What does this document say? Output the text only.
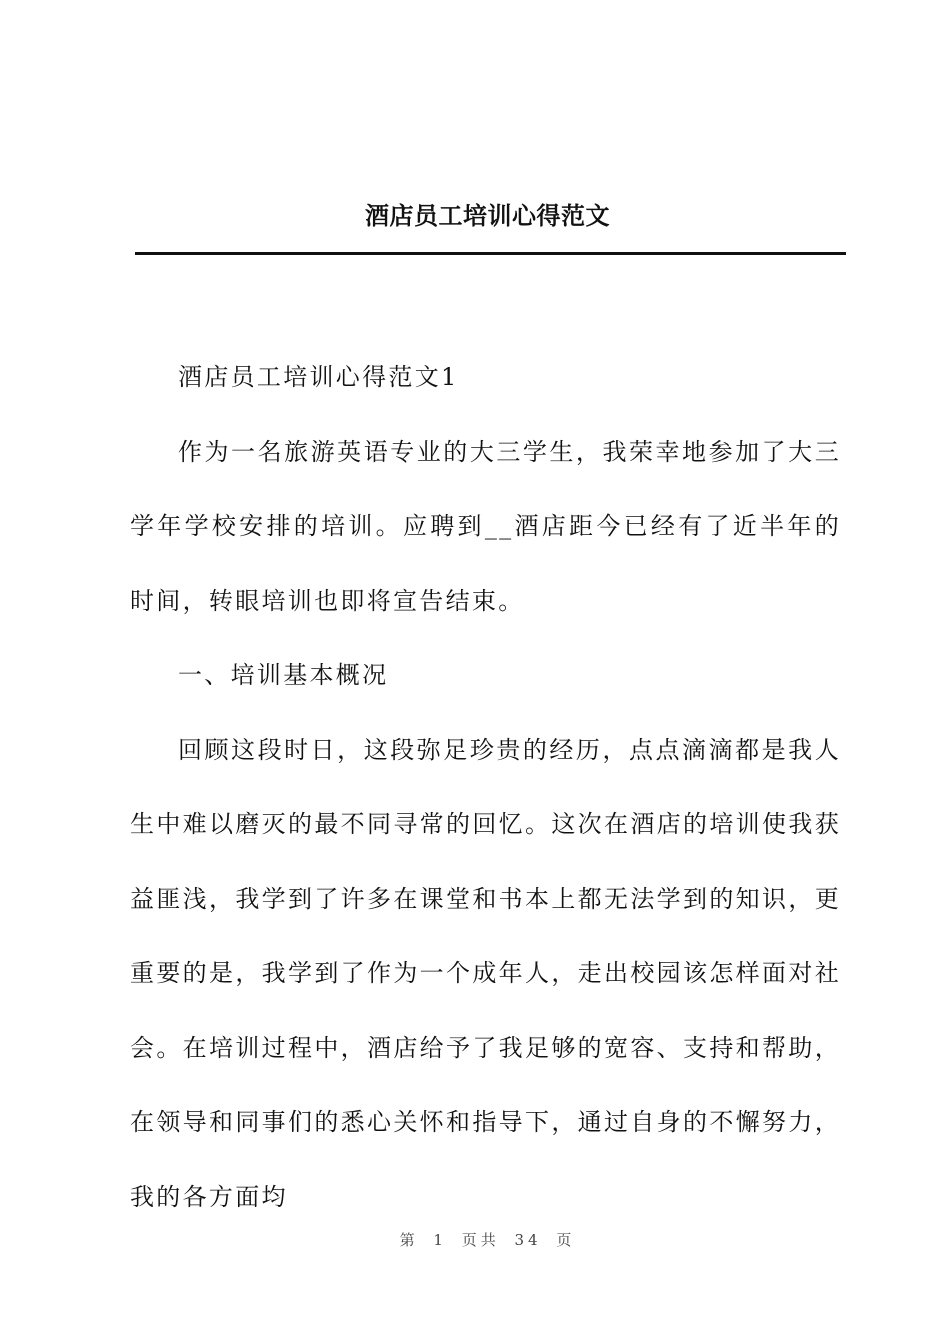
酒店员工培训心得范文

酒店员工培训心得范文1

作为一名旅游英语专业的大三学生，我荣幸地参加了大三学年学校安排的培训。应聘到__酒店距今已经有了近半年的时间，转眼培训也即将宣告结束。

一、培训基本概况

回顾这段时日，这段弥足珍贵的经历，点点滴滴都是我人生中难以磨灭的最不同寻常的回忆。这次在酒店的培训使我获益匪浅，我学到了许多在课堂和书本上都无法学到的知识，更重要的是，我学到了作为一个成年人，走出校园该怎样面对社会。在培训过程中，酒店给予了我足够的宽容、支持和帮助，在领导和同事们的悉心关怀和指导下，通过自身的不懈努力，我的各方面均

第 1 页共 34 页
